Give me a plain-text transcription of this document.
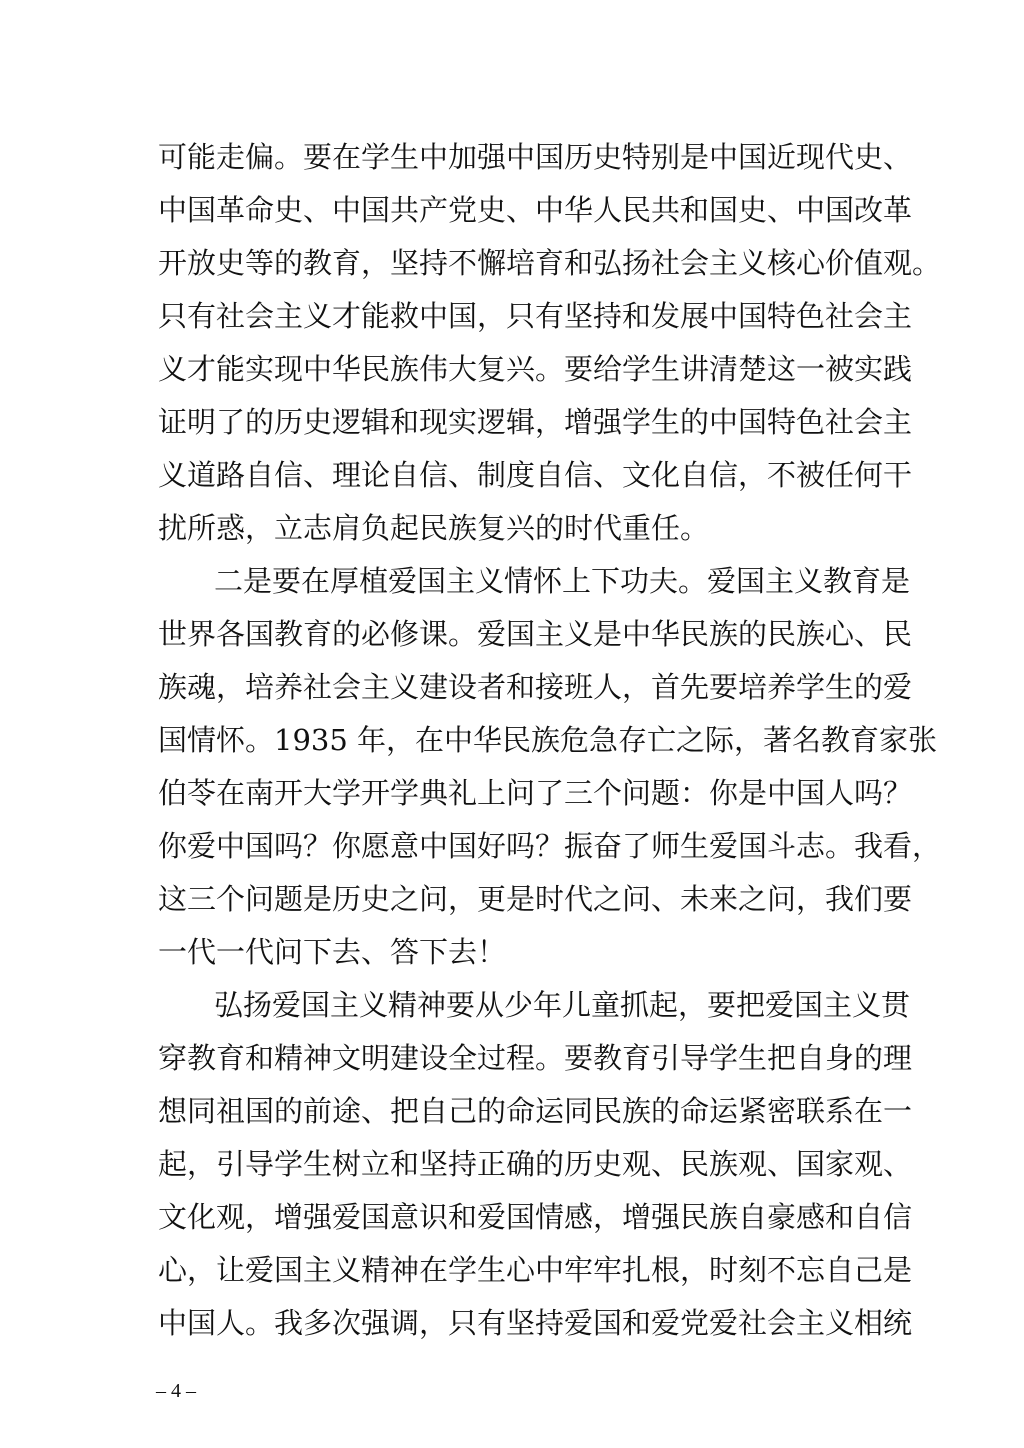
可能走偏。要在学生中加强中国历史特别是中国近现代史、
中国革命史、中国共产党史、中华人民共和国史、中国改革
开放史等的教育，坚持不懈培育和弘扬社会主义核心价值观。
只有社会主义才能救中国，只有坚持和发展中国特色社会主
义才能实现中华民族伟大复兴。要给学生讲清楚这一被实践
证明了的历史逻辑和现实逻辑，增强学生的中国特色社会主
义道路自信、理论自信、制度自信、文化自信，不被任何干
扰所惑，立志肩负起民族复兴的时代重任。
二是要在厚植爱国主义情怀上下功夫。爱国主义教育是
世界各国教育的必修课。爱国主义是中华民族的民族心、民
族魂，培养社会主义建设者和接班人，首先要培养学生的爱
国情怀。1935 年，在中华民族危急存亡之际，著名教育家张
伯苓在南开大学开学典礼上问了三个问题：你是中国人吗？
你爱中国吗？你愿意中国好吗？振奋了师生爱国斗志。我看，
这三个问题是历史之问，更是时代之问、未来之问，我们要
一代一代问下去、答下去！
弘扬爱国主义精神要从少年儿童抓起，要把爱国主义贯
穿教育和精神文明建设全过程。要教育引导学生把自身的理
想同祖国的前途、把自己的命运同民族的命运紧密联系在一
起，引导学生树立和坚持正确的历史观、民族观、国家观、
文化观，增强爱国意识和爱国情感，增强民族自豪感和自信
心，让爱国主义精神在学生心中牢牢扎根，时刻不忘自己是
中国人。我多次强调，只有坚持爱国和爱党爱社会主义相统
– 4 –
